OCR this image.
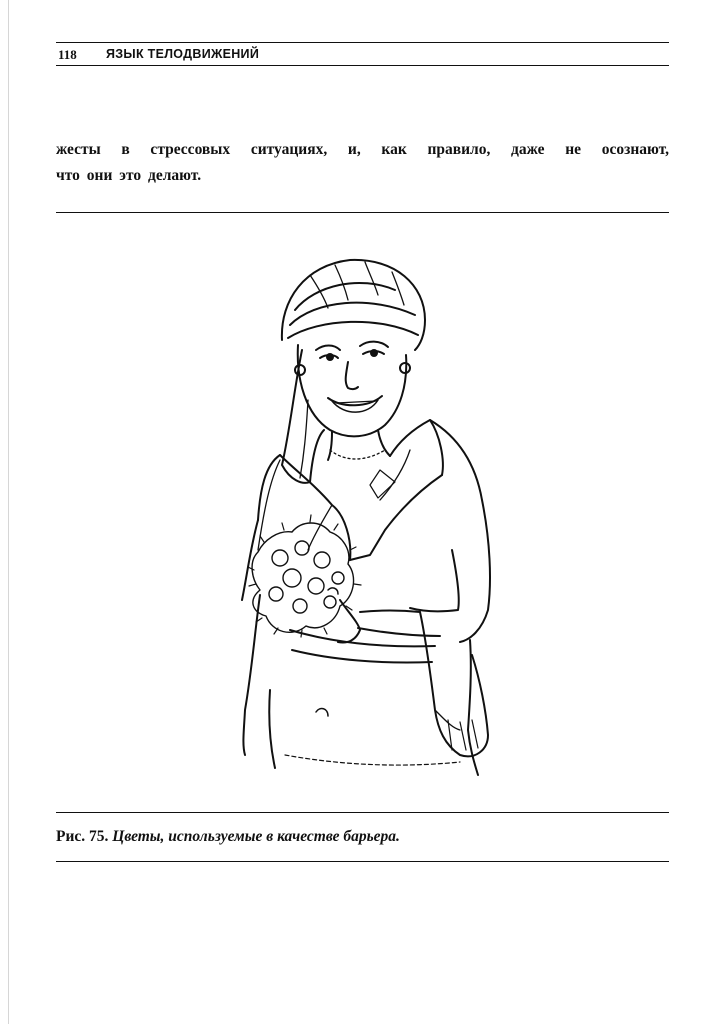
118 ЯЗЫК ТЕЛОДВИЖЕНИЙ
жесты в стрессовых ситуациях, и, как правило, даже не осознают,
что они это делают.
Рис. 75. Цветы, используемые в качестве барьера.
